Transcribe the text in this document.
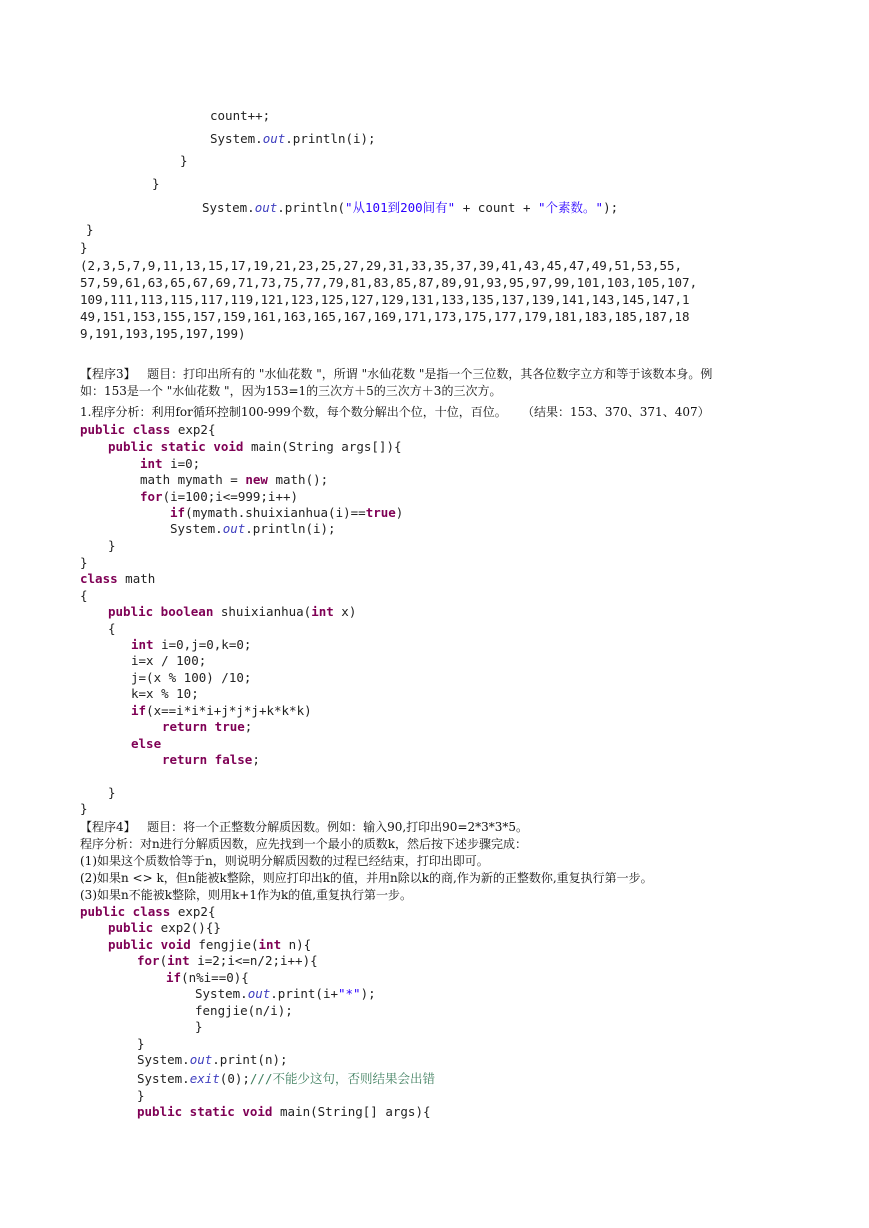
count++;
System.out.println(i);
}
}
System.out.println("从101到200间有" + count + "个素数。");
}
}
(2,3,5,7,9,11,13,15,17,19,21,23,25,27,29,31,33,35,37,39,41,43,45,47,49,51,53,55,
57,59,61,63,65,67,69,71,73,75,77,79,81,83,85,87,89,91,93,95,97,99,101,103,105,107,
109,111,113,115,117,119,121,123,125,127,129,131,133,135,137,139,141,143,145,147,1
49,151,153,155,157,159,161,163,165,167,169,171,173,175,177,179,181,183,185,187,18
9,191,193,195,197,199)
【程序3】   题目：打印出所有的 "水仙花数 "，所谓 "水仙花数 "是指一个三位数，其各位数字立方和等于该数本身。例
如：153是一个 "水仙花数 "，因为153=1的三次方＋5的三次方＋3的三次方。
1.程序分析：利用for循环控制100-999个数，每个数分解出个位，十位，百位。    （结果：153、370、371、407）
public class exp2{
public static void main(String args[]){
int i=0;
math mymath = new math();
for(i=100;i<=999;i++)
if(mymath.shuixianhua(i)==true)
System.out.println(i);
}
}
class math
{
public boolean shuixianhua(int x)
{
int i=0,j=0,k=0;
i=x / 100;
j=(x % 100) /10;
k=x % 10;
if(x==i*i*i+j*j*j+k*k*k)
return true;
else
return false;
}
}
【程序4】   题目：将一个正整数分解质因数。例如：输入90,打印出90=2*3*3*5。
程序分析：对n进行分解质因数，应先找到一个最小的质数k，然后按下述步骤完成：
(1)如果这个质数恰等于n，则说明分解质因数的过程已经结束，打印出即可。
(2)如果n <> k，但n能被k整除，则应打印出k的值，并用n除以k的商,作为新的正整数你,重复执行第一步。
(3)如果n不能被k整除，则用k+1作为k的值,重复执行第一步。
public class exp2{
public exp2(){}
public void fengjie(int n){
for(int i=2;i<=n/2;i++){
if(n%i==0){
System.out.print(i+"*");
fengjie(n/i);
}
}
System.out.print(n);
System.exit(0);///不能少这句，否则结果会出错
}
public static void main(String[] args){
